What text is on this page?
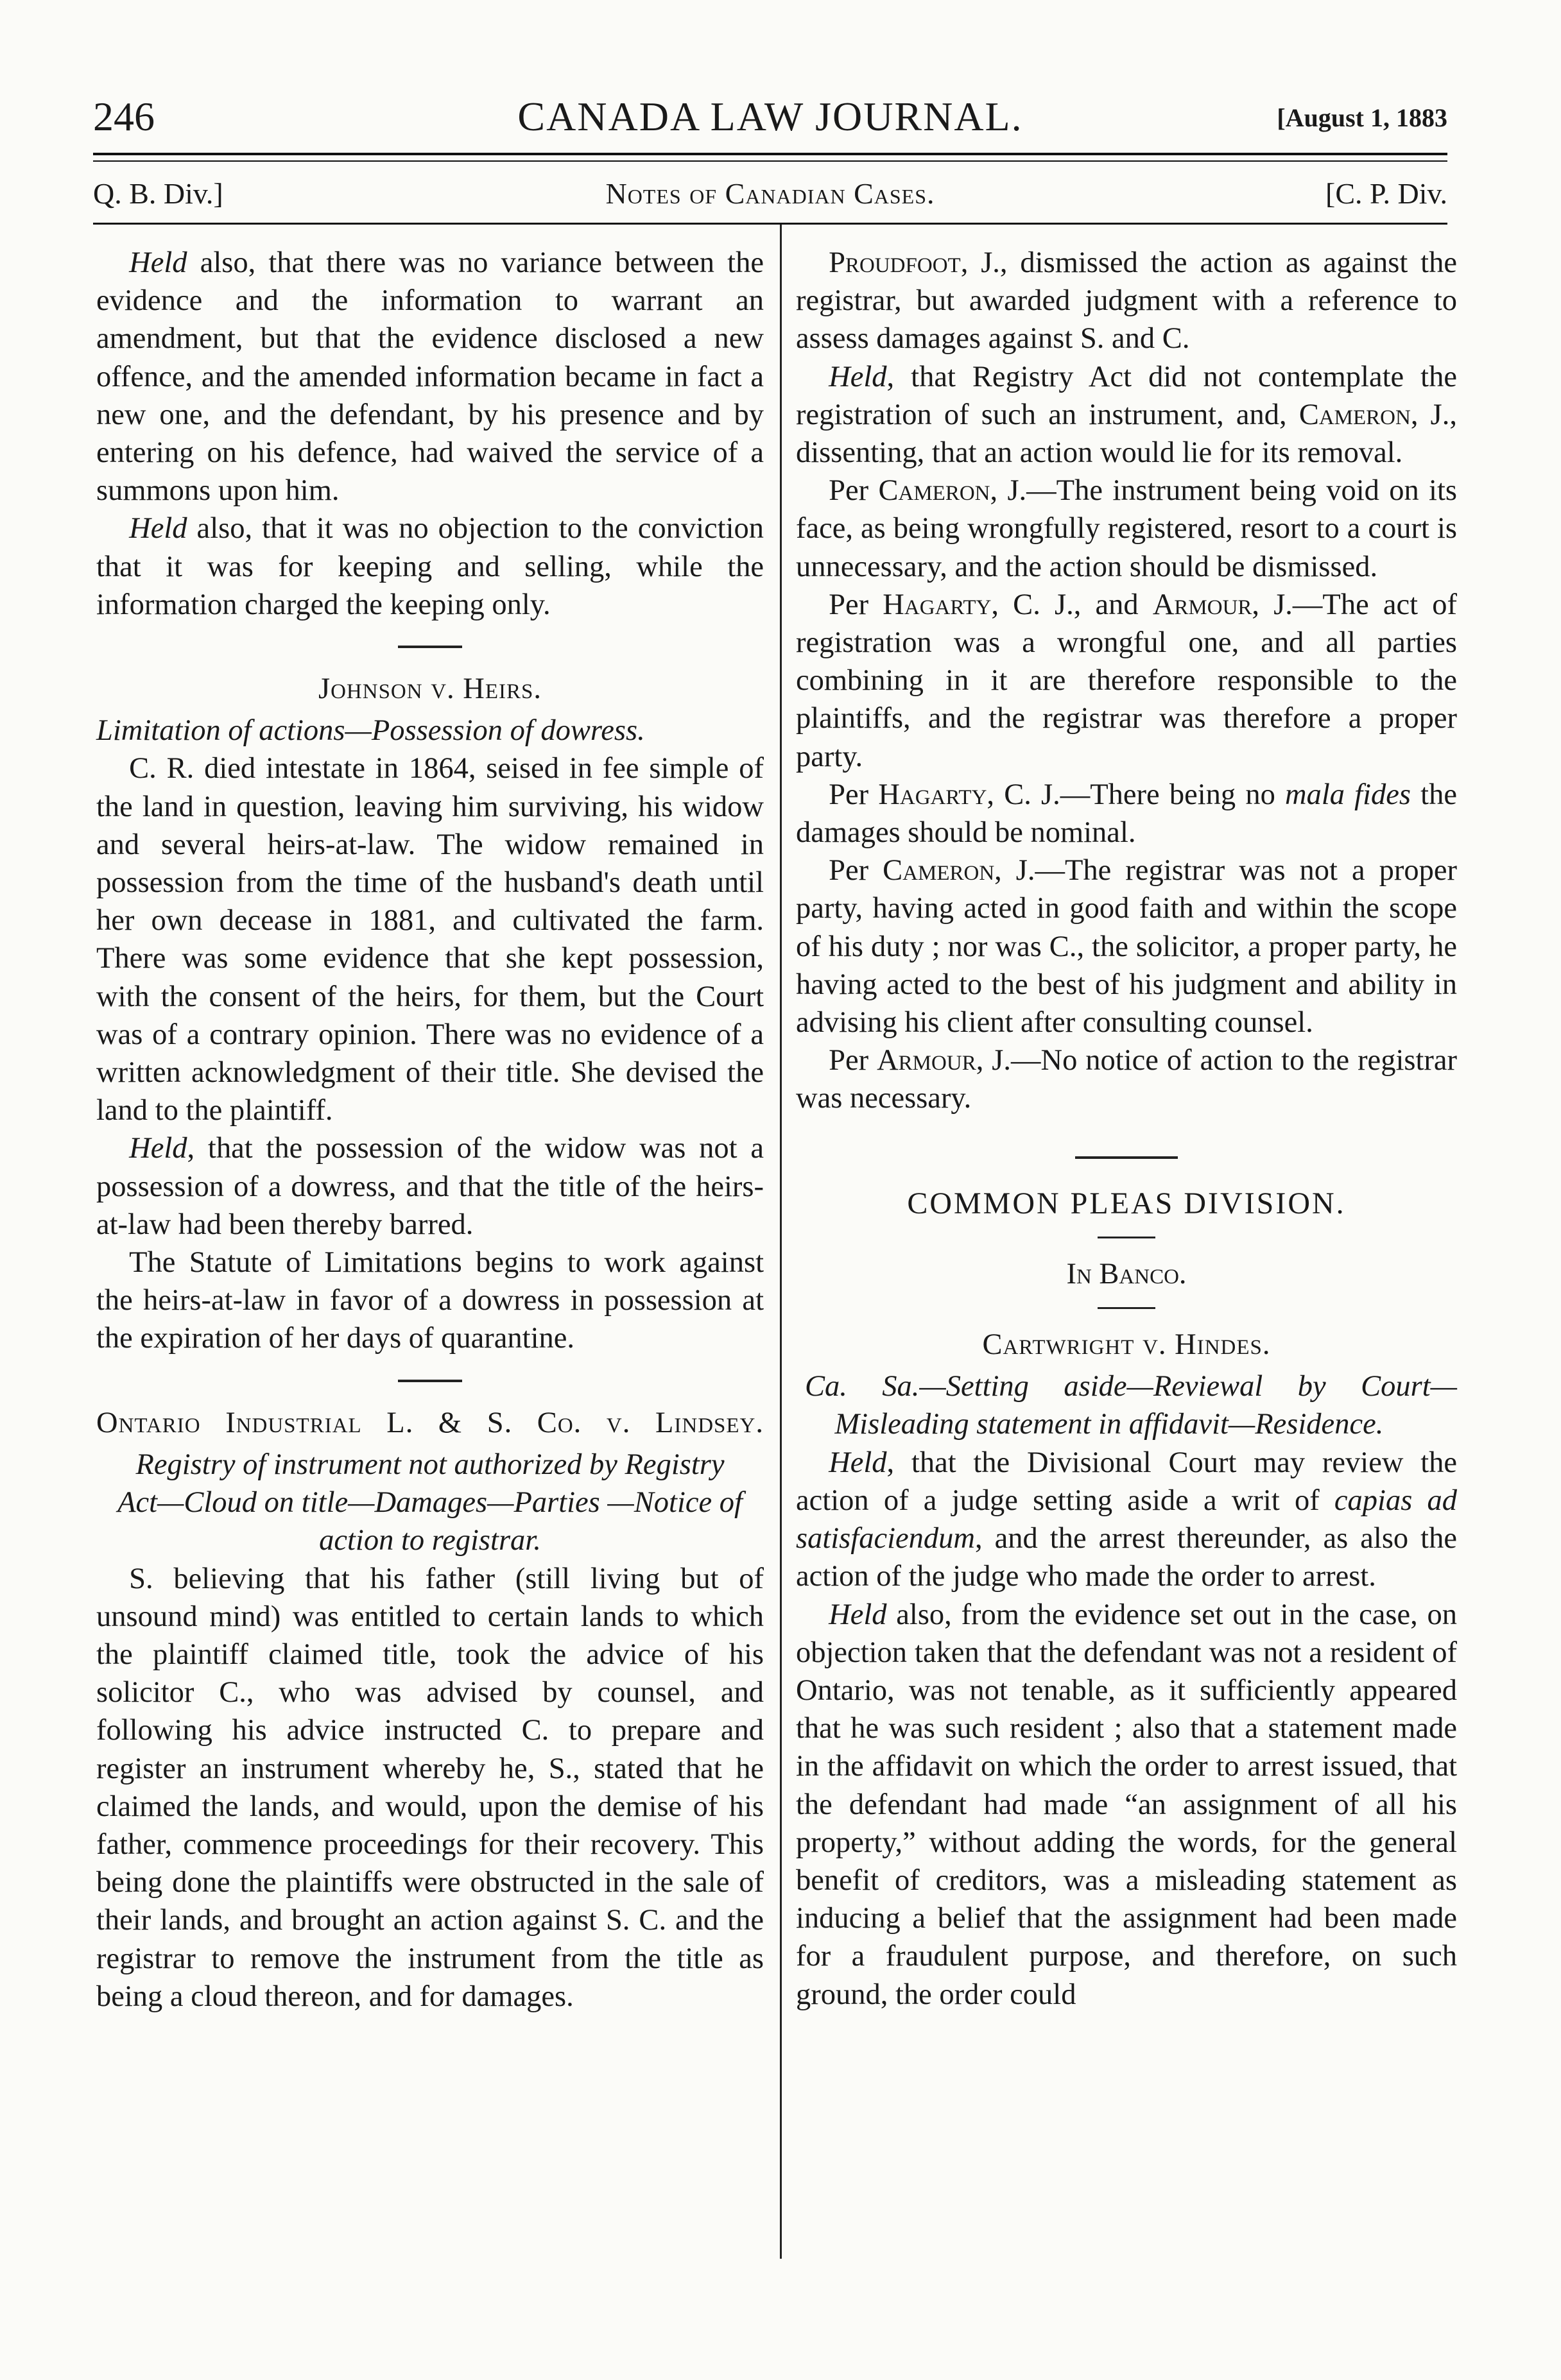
246	CANADA LAW JOURNAL.	[August 1, 1883
Q. B. Div.]	Notes of Canadian Cases.	[C. P. Div.

Held also, that there was no variance between the evidence and the information to warrant an amendment, but that the evidence disclosed a new offence, and the amended information became in fact a new one, and the defendant, by his presence and by entering on his defence, had waived the service of a summons upon him.

Held also, that it was no objection to the conviction that it was for keeping and selling, while the information charged the keeping only.

Johnson v. Heirs.

Limitation of actions—Possession of dowress.

C. R. died intestate in 1864, seised in fee simple of the land in question, leaving him surviving, his widow and several heirs-at-law. The widow remained in possession from the time of the husband's death until her own decease in 1881, and cultivated the farm. There was some evidence that she kept possession, with the consent of the heirs, for them, but the Court was of a contrary opinion. There was no evidence of a written acknowledgment of their title. She devised the land to the plaintiff.

Held, that the possession of the widow was not a possession of a dowress, and that the title of the heirs-at-law had been thereby barred.

The Statute of Limitations begins to work against the heirs-at-law in favor of a dowress in possession at the expiration of her days of quarantine.

Ontario Industrial L. & S. Co. v. Lindsey.

Registry of instrument not authorized by Registry Act—Cloud on title—Damages—Parties —Notice of action to registrar.

S. believing that his father (still living but of unsound mind) was entitled to certain lands to which the plaintiff claimed title, took the advice of his solicitor C., who was advised by counsel, and following his advice instructed C. to prepare and register an instrument whereby he, S., stated that he claimed the lands, and would, upon the demise of his father, commence proceedings for their recovery. This being done the plaintiffs were obstructed in the sale of their lands, and brought an action against S. C. and the registrar to remove the instrument from the title as being a cloud thereon, and for damages.

Proudfoot, J., dismissed the action as against the registrar, but awarded judgment with a reference to assess damages against S. and C.

Held, that Registry Act did not contemplate the registration of such an instrument, and, Cameron, J., dissenting, that an action would lie for its removal.

Per Cameron, J.—The instrument being void on its face, as being wrongfully registered, resort to a court is unnecessary, and the action should be dismissed.

Per Hagarty, C. J., and Armour, J.—The act of registration was a wrongful one, and all parties combining in it are therefore responsible to the plaintiffs, and the registrar was therefore a proper party.

Per Hagarty, C. J.—There being no mala fides the damages should be nominal.

Per Cameron, J.—The registrar was not a proper party, having acted in good faith and within the scope of his duty ; nor was C., the solicitor, a proper party, he having acted to the best of his judgment and ability in advising his client after consulting counsel.

Per Armour, J.—No notice of action to the registrar was necessary.

COMMON PLEAS DIVISION.
In Banco.
Cartwright v. Hindes.

Ca. Sa.—Setting aside—Reviewal by Court—Misleading statement in affidavit—Residence.

Held, that the Divisional Court may review the action of a judge setting aside a writ of capias ad satisfaciendum, and the arrest thereunder, as also the action of the judge who made the order to arrest.

Held also, from the evidence set out in the case, on objection taken that the defendant was not a resident of Ontario, was not tenable, as it sufficiently appeared that he was such resident ; also that a statement made in the affidavit on which the order to arrest issued, that the defendant had made “an assignment of all his property,” without adding the words, for the general benefit of creditors, was a misleading statement as inducing a belief that the assignment had been made for a fraudulent purpose, and therefore, on such ground, the order could
